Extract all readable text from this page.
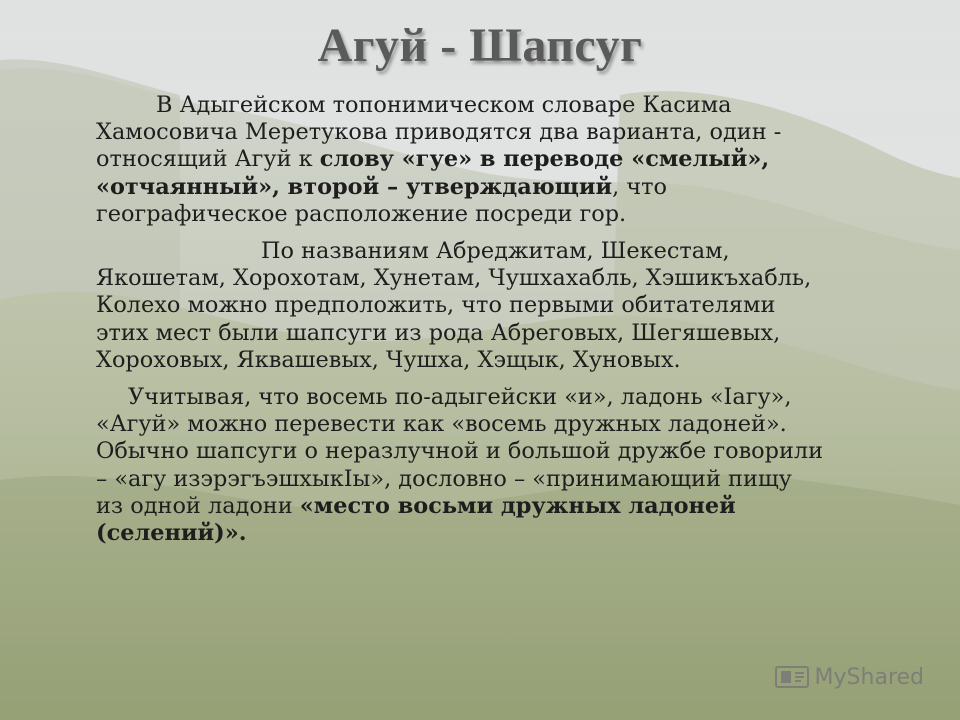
Агуй - Шапсуг

В Адыгейском топонимическом словаре Касима
Хамосовича Меретукова приводятся два варианта, один -
относящий Агуй к слову «гуе» в переводе «смелый»,
«отчаянный», второй – утверждающий, что
географическое расположение посреди гор.

По названиям Абреджитам, Шекестам,
Якошетам, Хорохотам, Хунетам, Чушхахабль, Хэшикъхабль,
Колехо можно предположить, что первыми обитателями
этих мест были шапсуги из рода Абреговых, Шегяшевых,
Хороховых, Яквашевых, Чушха, Хэщык, Хуновых.

Учитывая, что восемь по-адыгейски «и», ладонь «Iагу»,
«Агуй» можно перевести как «восемь дружных ладоней».
Обычно шапсуги о неразлучной и большой дружбе говорили
– «агу изэрэгъэшхыкIы», дословно – «принимающий пищу
из одной ладони «место восьми дружных ладоней
(селений)».

MyShared
